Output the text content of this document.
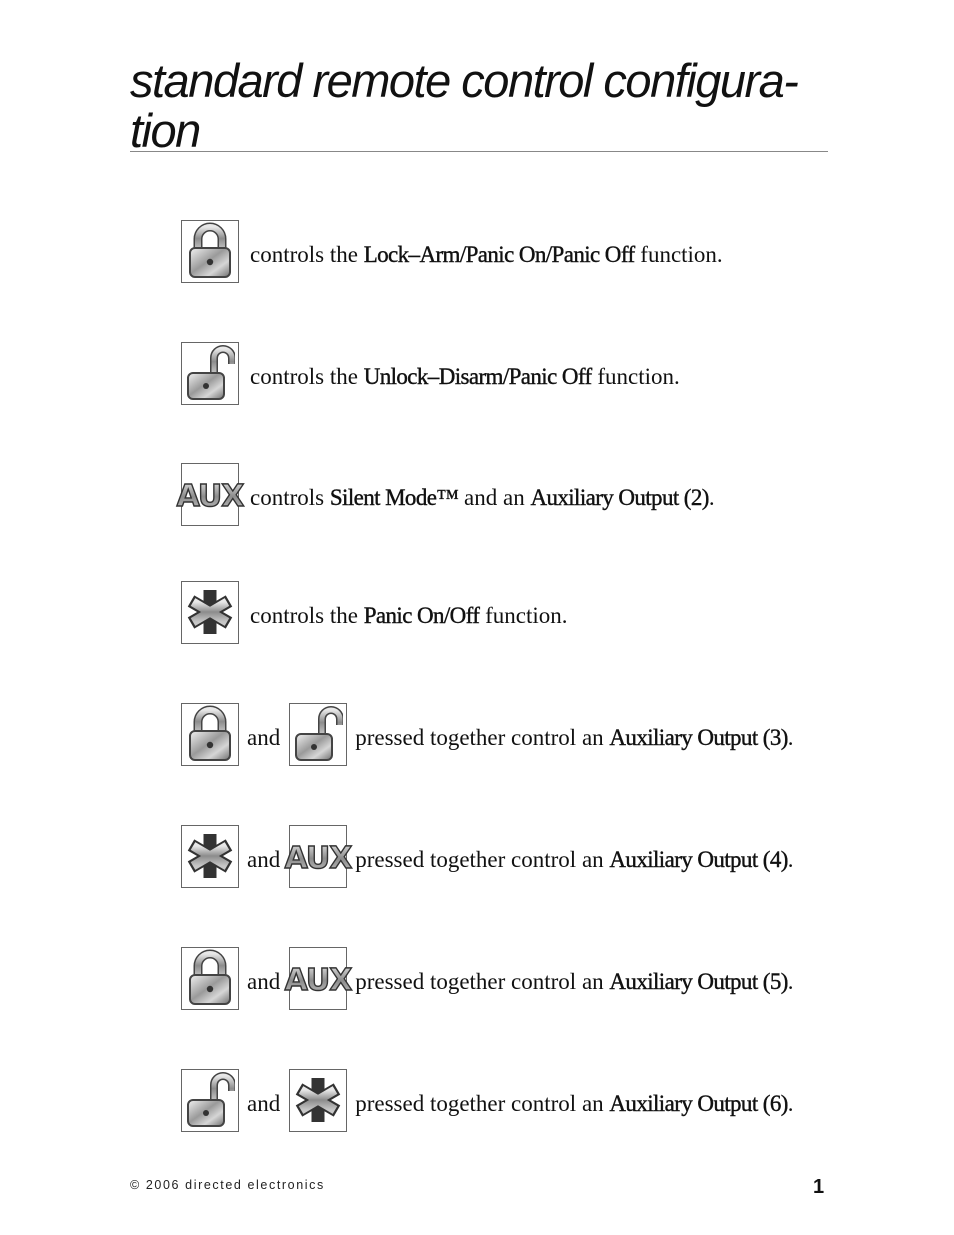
standard remote control configura- tion
controls the Lock–Arm/Panic On/Panic Off function.
controls the Unlock–Disarm/Panic Off function.
AUX controls Silent Mode™ and an Auxiliary Output (2).
controls the Panic On/Off function.
and	pressed together control an Auxiliary Output (3).
and AUX pressed together control an Auxiliary Output (4).
and AUX pressed together control an Auxiliary Output (5).
and	pressed together control an Auxiliary Output (6).
© 2006 directed electronics	1
